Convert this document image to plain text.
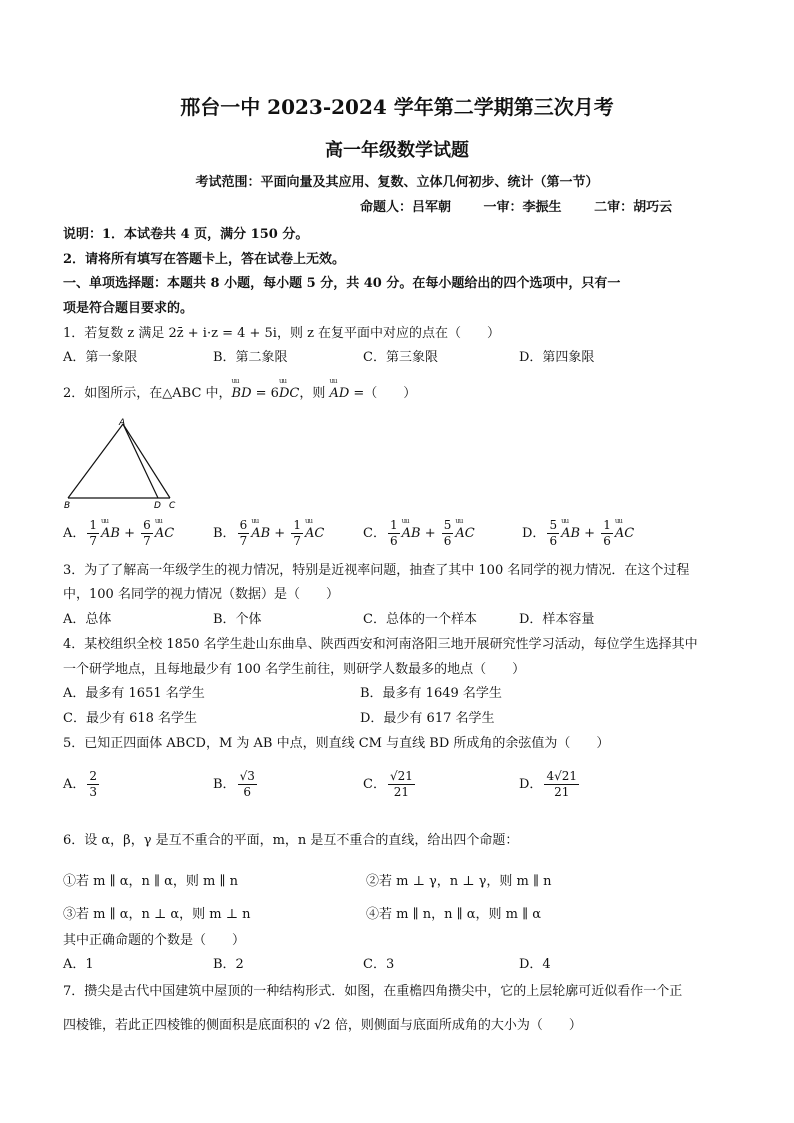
邢台一中 2023-2024 学年第二学期第三次月考
高一年级数学试题
考试范围：平面向量及其应用、复数、立体几何初步、统计（第一节）
命题人：吕军朝	一审：李振生	二审：胡巧云
说明：1．本试卷共 4 页，满分 150 分。
2．请将所有填写在答题卡上，答在试卷上无效。
一、单项选择题：本题共 8 小题，每小题 5 分，共 40 分。在每小题给出的四个选项中，只有一
项是符合题目要求的。
1．若复数 z 满足 2z̄ + i·z = 4 + 5i，则 z 在复平面中对应的点在（　　）
A．第一象限	B．第二象限	C．第三象限	D．第四象限
2．如图所示，在△ABC 中，uu BD = 6uu DC，则 uu AD =（　　）
A
B	D C
A． $\frac{1}{7}$ uu AB + $\frac{6}{7}$ uu AC	B． $\frac{6}{7}$ uu AB + $\frac{1}{7}$ uu AC	C． $\frac{1}{6}$ uu AB + $\frac{5}{6}$ uu AC	D． $\frac{5}{6}$ uu AB + $\frac{1}{6}$ uu AC
3．为了了解高一年级学生的视力情况，特别是近视率问题，抽查了其中 100 名同学的视力情况．在这个过程
中，100 名同学的视力情况（数据）是（　　）
A．总体	B．个体	C．总体的一个样本	D．样本容量
4．某校组织全校 1850 名学生赴山东曲阜、陕西西安和河南洛阳三地开展研究性学习活动，每位学生选择其中
一个研学地点，且每地最少有 100 名学生前往，则研学人数最多的地点（　　）
A．最多有 1651 名学生	B．最多有 1649 名学生
C．最少有 618 名学生	D．最少有 617 名学生
5．已知正四面体 ABCD，M 为 AB 中点，则直线 CM 与直线 BD 所成角的余弦值为（　　）
A． $\frac{2}{3}$	B． $\frac{√3}{6}$	C． $\frac{√21}{21}$	D． $\frac{4√21}{21}$
6．设 α，β，γ 是互不重合的平面，m，n 是互不重合的直线，给出四个命题：
①若 m ∥ α，n ∥ α，则 m ∥ n	②若 m ⊥ γ，n ⊥ γ，则 m ∥ n
③若 m ∥ α，n ⊥ α，则 m ⊥ n	④若 m ∥ n，n ∥ α，则 m ∥ α
其中正确命题的个数是（　　）
A．1	B．2	C．3	D．4
7．攒尖是古代中国建筑中屋顶的一种结构形式．如图，在重檐四角攒尖中，它的上层轮廓可近似看作一个正
四棱锥，若此正四棱锥的侧面积是底面积的 √2 倍，则侧面与底面所成角的大小为（　　）
